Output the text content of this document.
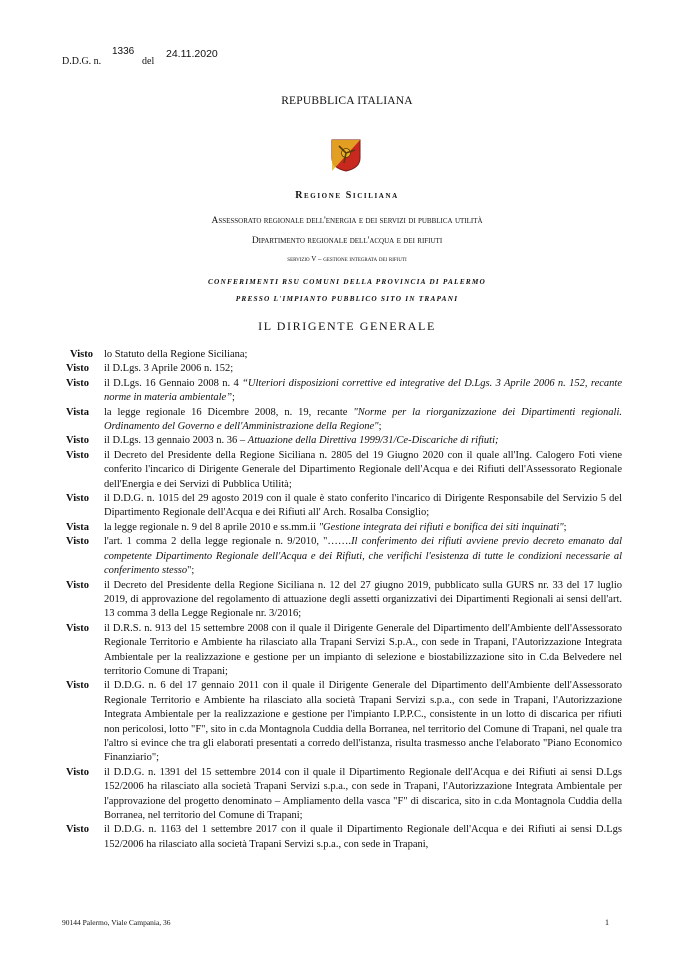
D.D.G. n.
1336
del
24.11.2020
REPUBBLICA ITALIANA
Regione Siciliana
Assessorato regionale dell'energia e dei servizi di pubblica utilità
Dipartimento regionale dell'acqua e dei rifiuti
servizio V – gestione integrata dei rifiuti
CONFERIMENTI RSU COMUNI DELLA PROVINCIA DI PALERMO
PRESSO L'IMPIANTO PUBBLICO SITO IN TRAPANI
IL DIRIGENTE GENERALE
Visto lo Statuto della Regione Siciliana;
Visto il D.Lgs. 3 Aprile 2006 n. 152;
Visto il D.Lgs. 16 Gennaio 2008 n. 4 “Ulteriori disposizioni correttive ed integrative del D.Lgs. 3 Aprile 2006 n. 152, recante norme in materia ambientale”;
Vista la legge regionale 16 Dicembre 2008, n. 19, recante "Norme per la riorganizzazione dei Dipartimenti regionali. Ordinamento del Governo e dell'Amministrazione della Regione";
Visto il D.Lgs. 13 gennaio 2003 n. 36 – Attuazione della Direttiva 1999/31/Ce-Discariche di rifiuti;
Visto il Decreto del Presidente della Regione Siciliana n. 2805 del 19 Giugno 2020 con il quale all'Ing. Calogero Foti viene conferito l'incarico di Dirigente Generale del Dipartimento Regionale dell'Acqua e dei Rifiuti dell'Assessorato Regionale dell'Energia e dei Servizi di Pubblica Utilità;
Visto il D.D.G. n. 1015 del 29 agosto 2019 con il quale è stato conferito l'incarico di Dirigente Responsabile del Servizio 5 del Dipartimento Regionale dell'Acqua e dei Rifiuti all' Arch. Rosalba Consiglio;
Vista la legge regionale n. 9 del 8 aprile 2010 e ss.mm.ii "Gestione integrata dei rifiuti e bonifica dei siti inquinati";
Visto l'art. 1 comma 2 della legge regionale n. 9/2010, "…….Il conferimento dei rifiuti avviene previo decreto emanato dal competente Dipartimento Regionale dell'Acqua e dei Rifiuti, che verifichi l'esistenza di tutte le condizioni necessarie al conferimento stesso";
Visto il Decreto del Presidente della Regione Siciliana n. 12 del 27 giugno 2019, pubblicato sulla GURS nr. 33 del 17 luglio 2019, di approvazione del regolamento di attuazione degli assetti organizzativi dei Dipartimenti Regionali ai sensi dell'art. 13 comma 3 della Legge Regionale nr. 3/2016;
Visto il D.R.S. n. 913 del 15 settembre 2008 con il quale il Dirigente Generale del Dipartimento dell'Ambiente dell'Assessorato Regionale Territorio e Ambiente ha rilasciato alla Trapani Servizi S.p.A., con sede in Trapani, l'Autorizzazione Integrata Ambientale per la realizzazione e gestione per un impianto di selezione e biostabilizzazione sito in C.da Belvedere nel territorio Comune di Trapani;
Visto il D.D.G. n. 6 del 17 gennaio 2011 con il quale il Dirigente Generale del Dipartimento dell'Ambiente dell'Assessorato Regionale Territorio e Ambiente ha rilasciato alla società Trapani Servizi s.p.a., con sede in Trapani, l'Autorizzazione Integrata Ambientale per la realizzazione e gestione per l'impianto I.P.P.C., consistente in un lotto di discarica per rifiuti non pericolosi, lotto "F", sito in c.da Montagnola Cuddia della Borranea, nel territorio del Comune di Trapani, nel quale tra l'altro si evince che tra gli elaborati presentati a corredo dell'istanza, risulta trasmesso anche l'elaborato "Piano Economico Finanziario";
Visto il D.D.G. n. 1391 del 15 settembre 2014 con il quale il Dipartimento Regionale dell'Acqua e dei Rifiuti ai sensi D.Lgs 152/2006 ha rilasciato alla società Trapani Servizi s.p.a., con sede in Trapani, l'Autorizzazione Integrata Ambientale per l'approvazione del progetto denominato – Ampliamento della vasca "F" di discarica, sito in c.da Montagnola Cuddia della Borranea, nel territorio del Comune di Trapani;
Visto il D.D.G. n. 1163 del 1 settembre 2017 con il quale il Dipartimento Regionale dell'Acqua e dei Rifiuti ai sensi D.Lgs 152/2006 ha rilasciato alla società Trapani Servizi s.p.a., con sede in Trapani,
90144 Palermo, Viale Campania, 36	1
